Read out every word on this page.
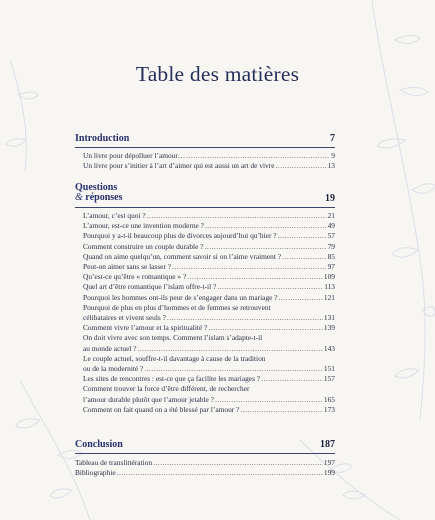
Table des matières
Introduction	7
Un livre pour dépolluer l’amour… .....	9
Un livre pour s’initier à l’art d’aimer qui est aussi un art de vivre .....	13
Questions
& réponses	19
L’amour, c’est quoi ? .....	21
L’amour, est-ce une invention moderne ? .....	49
Pourquoi y a-t-il beaucoup plus de divorces aujourd’hui qu’hier ? .....	57
Comment construire un couple durable ? .....	79
Quand on aime quelqu’un, comment savoir si on l’aime vraiment ? .....	85
Peut-on aimer sans se lasser ? .....	97
Qu’est-ce qu’être « romantique » ? .....	109
Quel art d’être romantique l’islam offre-t-il ? .....	113
Pourquoi les hommes ont-ils peur de s’engager dans un mariage ? .....	121
Pourquoi de plus en plus d’hommes et de femmes se retrouvent
célibataires et vivent seuls ? .....	131
Comment vivre l’amour et la spiritualité ? .....	139
On doit vivre avec son temps. Comment l’islam s’adapte-t-il
au monde actuel ? .....	143
Le couple actuel, souffre-t-il davantage à cause de la tradition
ou de la modernité ? .....	151
Les sites de rencontres : est-ce que ça facilite les mariages ? .....	157
Comment trouver la force d’être différent, de rechercher
l’amour durable plutôt que l’amour jetable ? .....	165
Comment on fait quand on a été blessé par l’amour ? .....	173
Conclusion	187
Tableau de translittération .....	197
Bibliographie .....	199
